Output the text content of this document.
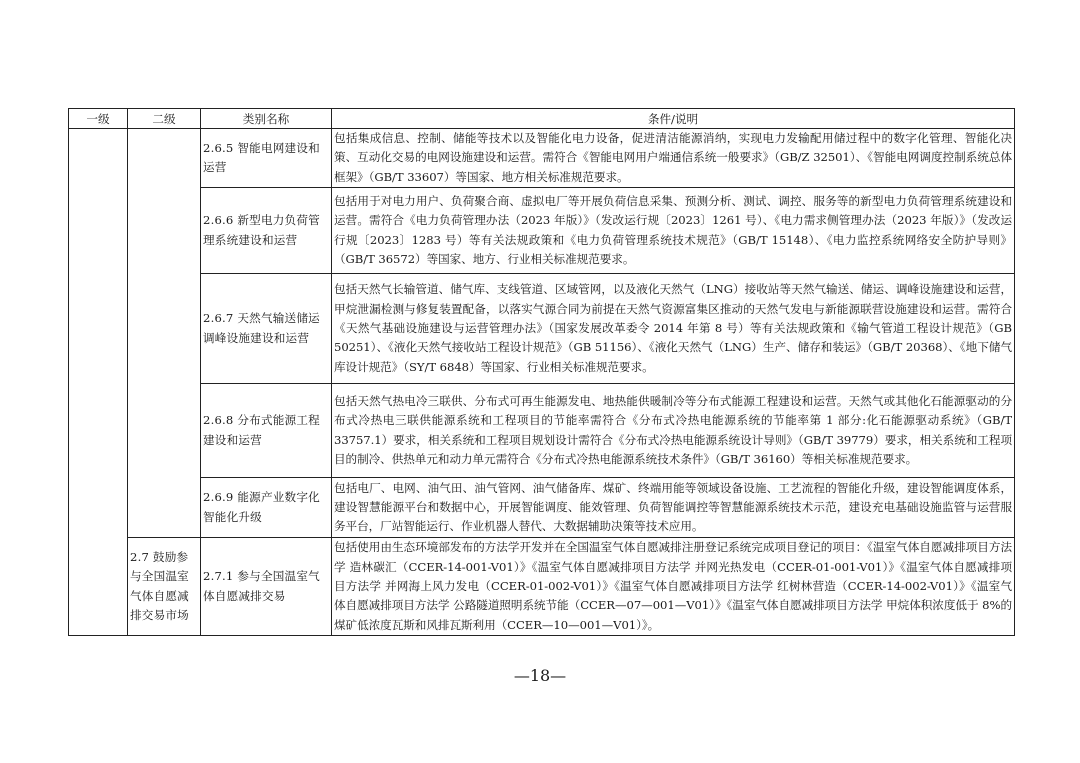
一级	二级	类别名称	条件/说明
		2.6.5 智能电网建设和运营	包括集成信息、控制、储能等技术以及智能化电力设备，促进清洁能源消纳，实现电力发输配用储过程中的数字化管理、智能化决策、互动化交易的电网设施建设和运营。需符合《智能电网用户端通信系统一般要求》（GB/Z 32501）、《智能电网调度控制系统总体框架》（GB/T 33607）等国家、地方相关标准规范要求。
		2.6.6 新型电力负荷管理系统建设和运营	包括用于对电力用户、负荷聚合商、虚拟电厂等开展负荷信息采集、预测分析、测试、调控、服务等的新型电力负荷管理系统建设和运营。需符合《电力负荷管理办法（2023 年版）》（发改运行规〔2023〕1261 号）、《电力需求侧管理办法（2023 年版）》（发改运行规〔2023〕1283 号）等有关法规政策和《电力负荷管理系统技术规范》（GB/T 15148）、《电力监控系统网络安全防护导则》（GB/T 36572）等国家、地方、行业相关标准规范要求。
		2.6.7 天然气输送储运调峰设施建设和运营	包括天然气长输管道、储气库、支线管道、区域管网，以及液化天然气（LNG）接收站等天然气输送、储运、调峰设施建设和运营，甲烷泄漏检测与修复装置配备，以落实气源合同为前提在天然气资源富集区推动的天然气发电与新能源联营设施建设和运营。需符合《天然气基础设施建设与运营管理办法》（国家发展改革委令 2014 年第 8 号）等有关法规政策和《输气管道工程设计规范》（GB 50251）、《液化天然气接收站工程设计规范》（GB 51156）、《液化天然气（LNG）生产、储存和装运》（GB/T 20368）、《地下储气库设计规范》（SY/T 6848）等国家、行业相关标准规范要求。
		2.6.8 分布式能源工程建设和运营	包括天然气热电冷三联供、分布式可再生能源发电、地热能供暖制冷等分布式能源工程建设和运营。天然气或其他化石能源驱动的分布式冷热电三联供能源系统和工程项目的节能率需符合《分布式冷热电能源系统的节能率第 1 部分:化石能源驱动系统》（GB/T 33757.1）要求，相关系统和工程项目规划设计需符合《分布式冷热电能源系统设计导则》（GB/T 39779）要求，相关系统和工程项目的制冷、供热单元和动力单元需符合《分布式冷热电能源系统技术条件》（GB/T 36160）等相关标准规范要求。
		2.6.9 能源产业数字化智能化升级	包括电厂、电网、油气田、油气管网、油气储备库、煤矿、终端用能等领域设备设施、工艺流程的智能化升级，建设智能调度体系，建设智慧能源平台和数据中心，开展智能调度、能效管理、负荷智能调控等智慧能源系统技术示范，建设充电基础设施监管与运营服务平台，厂站智能运行、作业机器人替代、大数据辅助决策等技术应用。
	2.7 鼓励参与全国温室气体自愿减排交易市场	2.7.1 参与全国温室气体自愿减排交易	包括使用由生态环境部发布的方法学开发并在全国温室气体自愿减排注册登记系统完成项目登记的项目：《温室气体自愿减排项目方法学 造林碳汇（CCER-14-001-V01）》《温室气体自愿减排项目方法学 并网光热发电（CCER-01-001-V01）》《温室气体自愿减排项目方法学 并网海上风力发电（CCER-01-002-V01）》《温室气体自愿减排项目方法学 红树林营造（CCER-14-002-V01）》《温室气体自愿减排项目方法学 公路隧道照明系统节能（CCER—07—001—V01）》《温室气体自愿减排项目方法学 甲烷体积浓度低于 8%的煤矿低浓度瓦斯和风排瓦斯利用（CCER—10—001—V01）》。
—18—
